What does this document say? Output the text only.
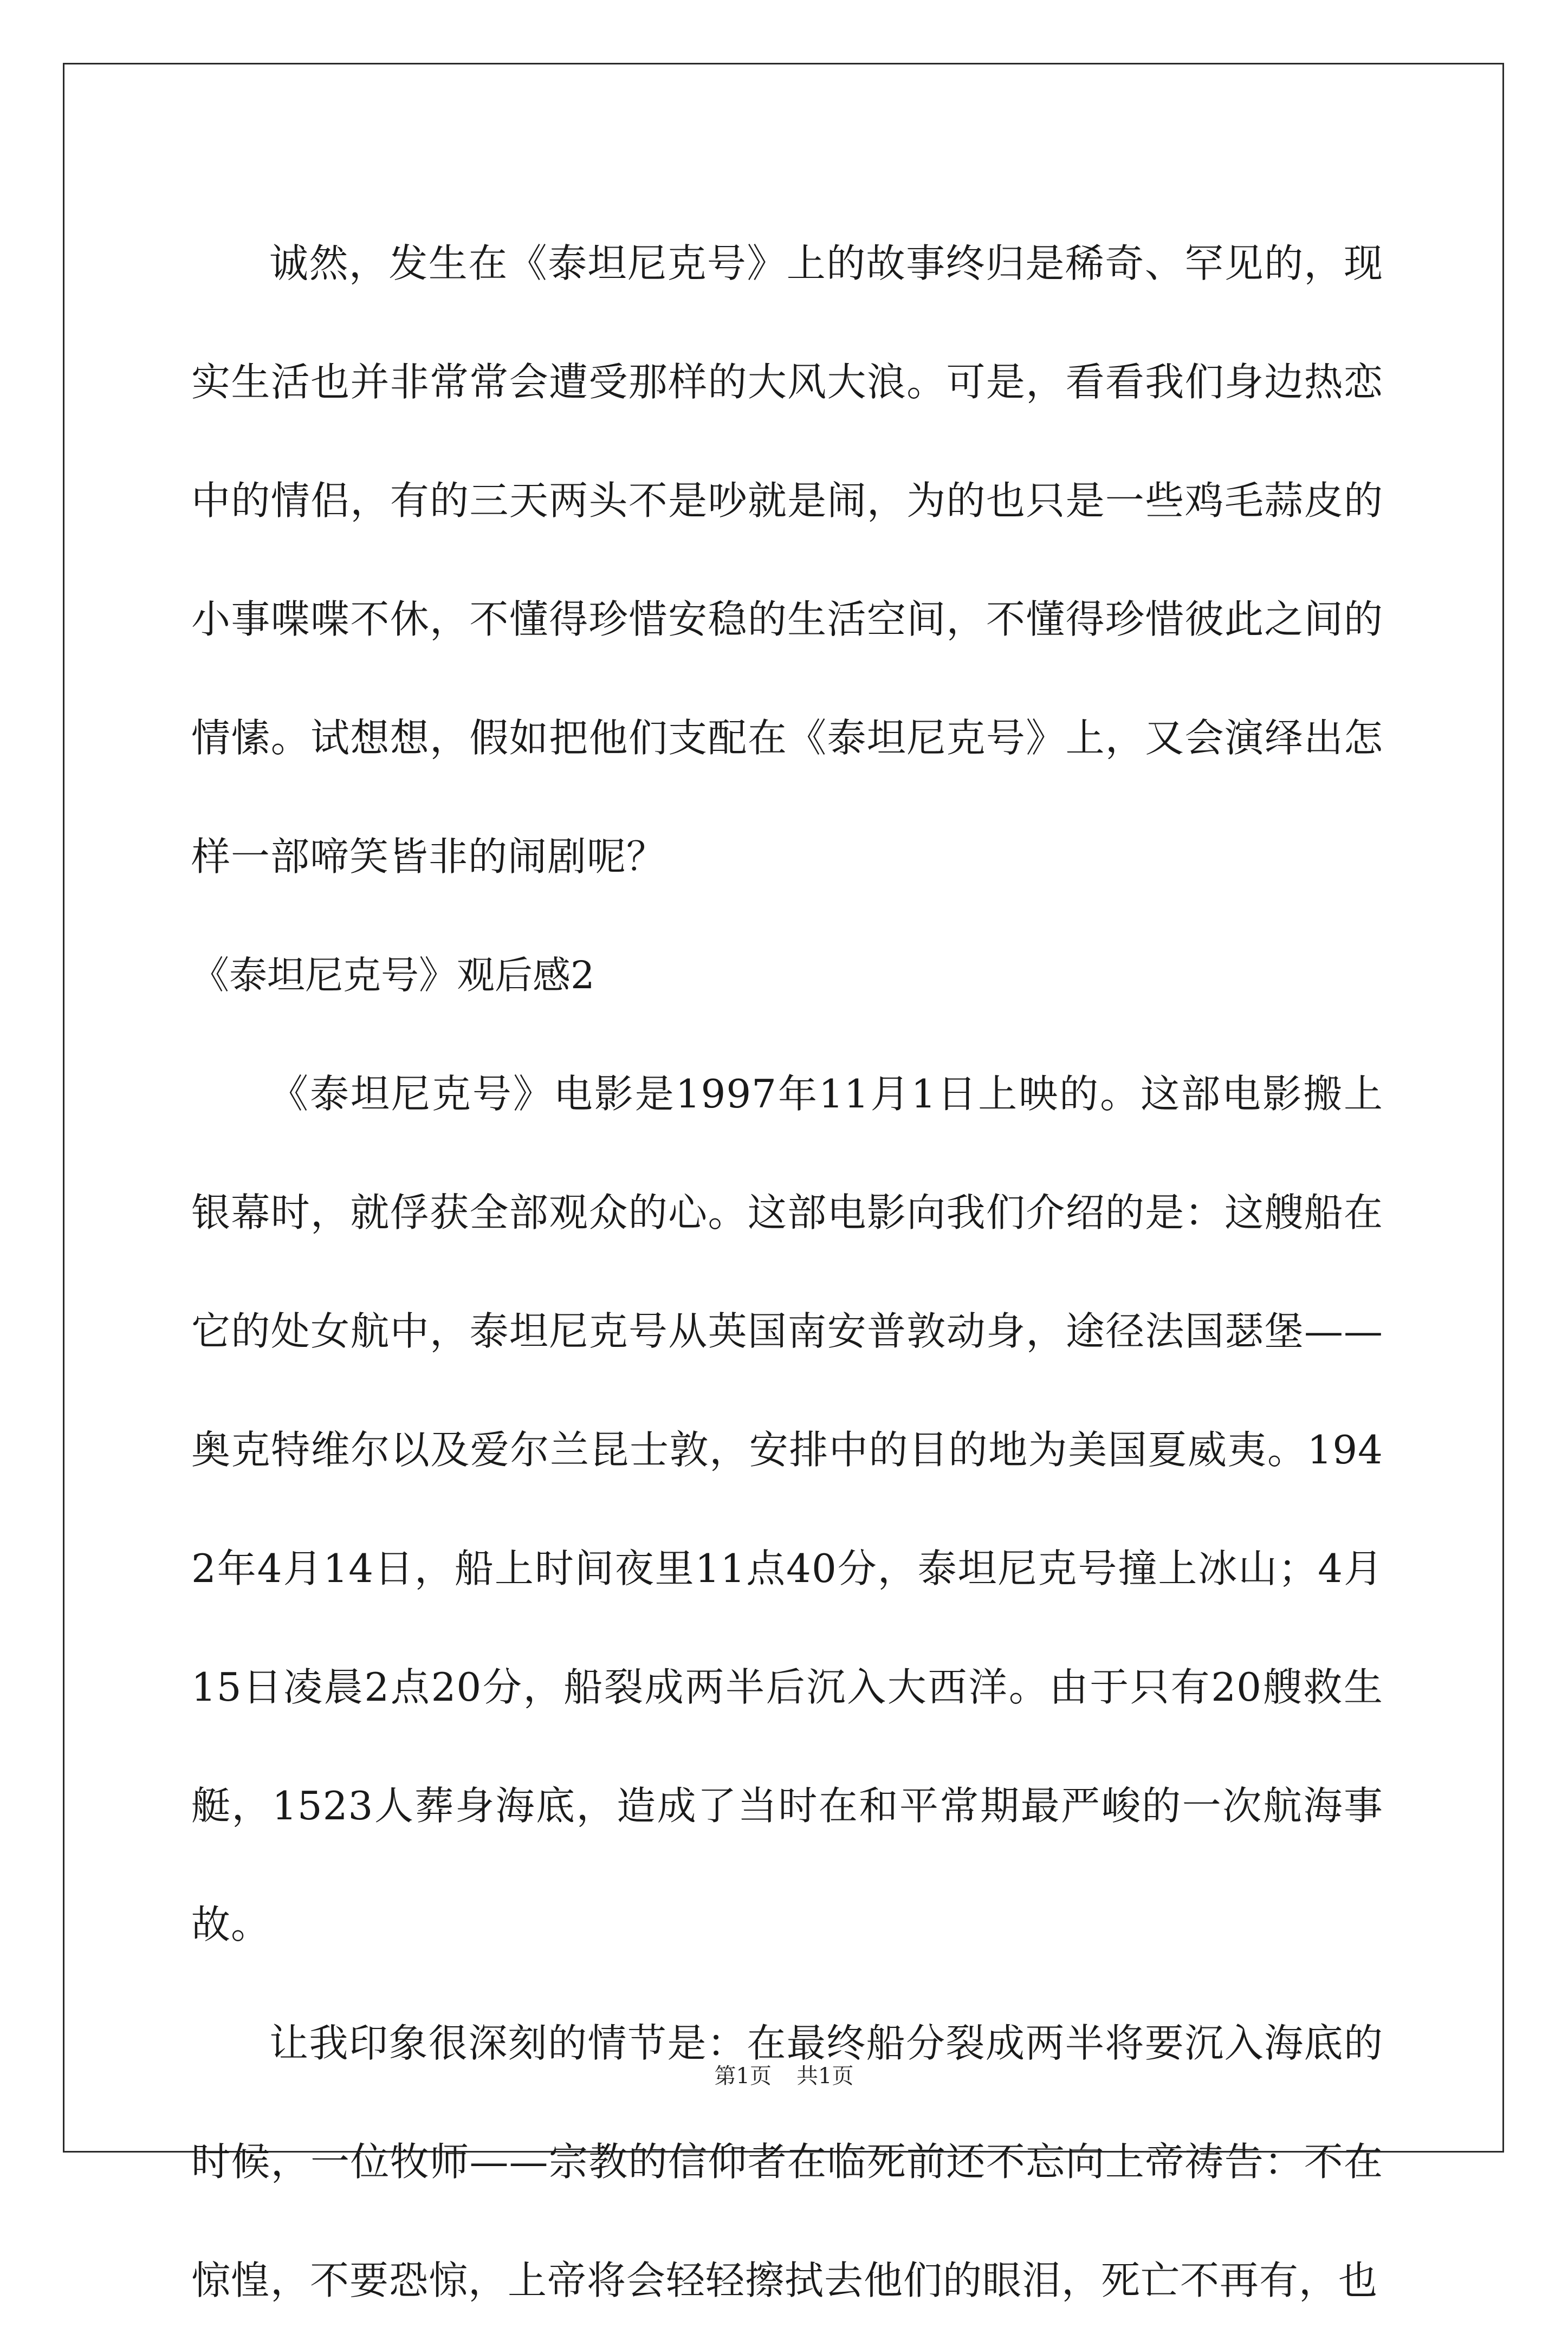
诚然，发生在《泰坦尼克号》上的故事终归是稀奇、罕见的，现实生活也并非常常会遭受那样的大风大浪。可是，看看我们身边热恋中的情侣，有的三天两头不是吵就是闹，为的也只是一些鸡毛蒜皮的小事喋喋不休，不懂得珍惜安稳的生活空间，不懂得珍惜彼此之间的情愫。试想想，假如把他们支配在《泰坦尼克号》上，又会演绎出怎样一部啼笑皆非的闹剧呢？

《泰坦尼克号》观后感2

《泰坦尼克号》电影是1997年11月1日上映的。这部电影搬上银幕时，就俘获全部观众的心。这部电影向我们介绍的是：这艘船在它的处女航中，泰坦尼克号从英国南安普敦动身，途径法国瑟堡——奥克特维尔以及爱尔兰昆士敦，安排中的目的地为美国夏威夷。1942年4月14日，船上时间夜里11点40分，泰坦尼克号撞上冰山；4月15日凌晨2点20分，船裂成两半后沉入大西洋。由于只有20艘救生艇，1523人葬身海底，造成了当时在和平常期最严峻的一次航海事故。

让我印象很深刻的情节是：在最终船分裂成两半将要沉入海底的时候，一位牧师——宗教的信仰者在临死前还不忘向上帝祷告：不在惊惶，不要恐惊，上帝将会轻轻擦拭去他们的眼泪，死亡不再有，也

第1页 共1页
